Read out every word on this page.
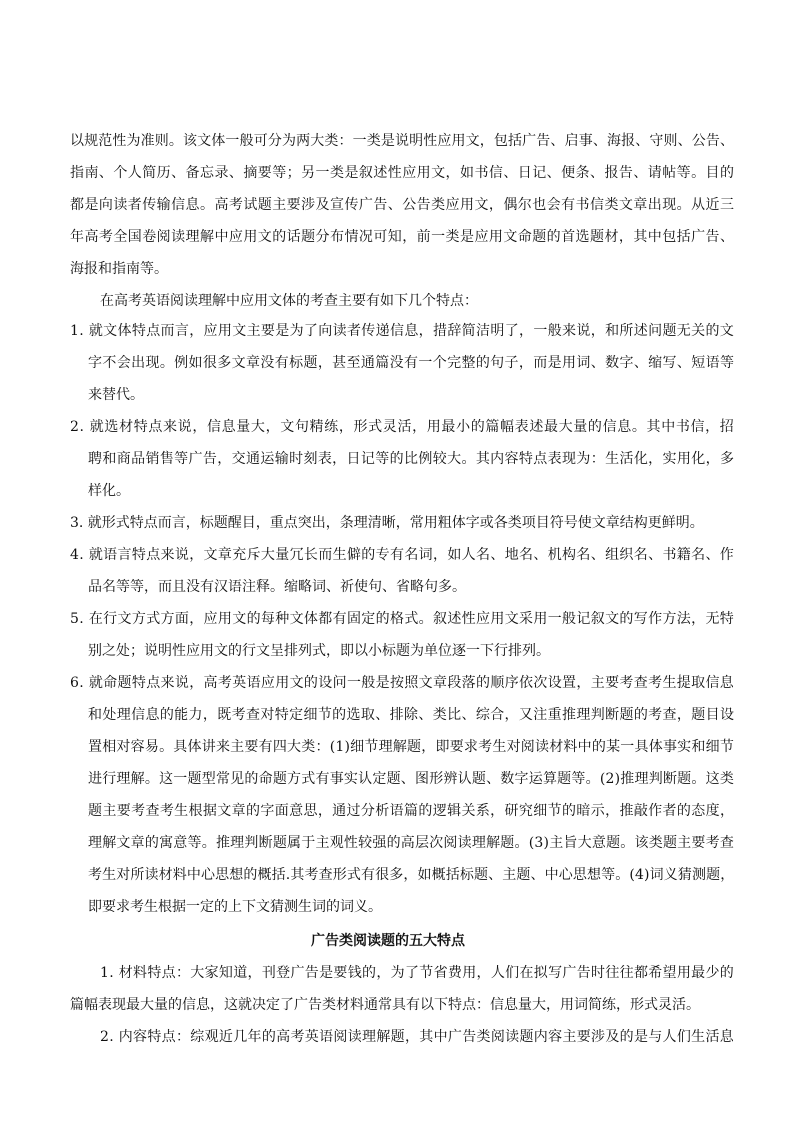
以规范性为准则。该文体一般可分为两大类：一类是说明性应用文，包括广告、启事、海报、守则、公告、
指南、个人简历、备忘录、摘要等；另一类是叙述性应用文，如书信、日记、便条、报告、请帖等。目的
都是向读者传输信息。高考试题主要涉及宣传广告、公告类应用文，偶尔也会有书信类文章出现。从近三
年高考全国卷阅读理解中应用文的话题分布情况可知，前一类是应用文命题的首选题材，其中包括广告、
海报和指南等。
在高考英语阅读理解中应用文体的考查主要有如下几个特点：
1. 就文体特点而言，应用文主要是为了向读者传递信息，措辞简洁明了，一般来说，和所述问题无关的文
字不会出现。例如很多文章没有标题，甚至通篇没有一个完整的句子，而是用词、数字、缩写、短语等
来替代。
2. 就选材特点来说，信息量大，文句精练，形式灵活，用最小的篇幅表述最大量的信息。其中书信，招
聘和商品销售等广告，交通运输时刻表，日记等的比例较大。其内容特点表现为：生活化，实用化，多
样化。
3. 就形式特点而言，标题醒目，重点突出，条理清晰，常用粗体字或各类项目符号使文章结构更鲜明。
4. 就语言特点来说，文章充斥大量冗长而生僻的专有名词，如人名、地名、机构名、组织名、书籍名、作
品名等等，而且没有汉语注释。缩略词、祈使句、省略句多。
5. 在行文方式方面，应用文的每种文体都有固定的格式。叙述性应用文采用一般记叙文的写作方法，无特
别之处；说明性应用文的行文呈排列式，即以小标题为单位逐一下行排列。
6. 就命题特点来说，高考英语应用文的设问一般是按照文章段落的顺序依次设置，主要考查考生提取信息
和处理信息的能力，既考查对特定细节的选取、排除、类比、综合，又注重推理判断题的考查，题目设
置相对容易。具体讲来主要有四大类：(1)细节理解题，即要求考生对阅读材料中的某一具体事实和细节
进行理解。这一题型常见的命题方式有事实认定题、图形辨认题、数字运算题等。(2)推理判断题。这类
题主要考查考生根据文章的字面意思，通过分析语篇的逻辑关系，研究细节的暗示，推敲作者的态度，
理解文章的寓意等。推理判断题属于主观性较强的高层次阅读理解题。(3)主旨大意题。该类题主要考查
考生对所读材料中心思想的概括.其考查形式有很多，如概括标题、主题、中心思想等。(4)词义猜测题，
即要求考生根据一定的上下文猜测生词的词义。
广告类阅读题的五大特点
1. 材料特点：大家知道，刊登广告是要钱的，为了节省费用，人们在拟写广告时往往都希望用最少的
篇幅表现最大量的信息，这就决定了广告类材料通常具有以下特点：信息量大，用词简练，形式灵活。
2. 内容特点：综观近几年的高考英语阅读理解题，其中广告类阅读题内容主要涉及的是与人们生活息
